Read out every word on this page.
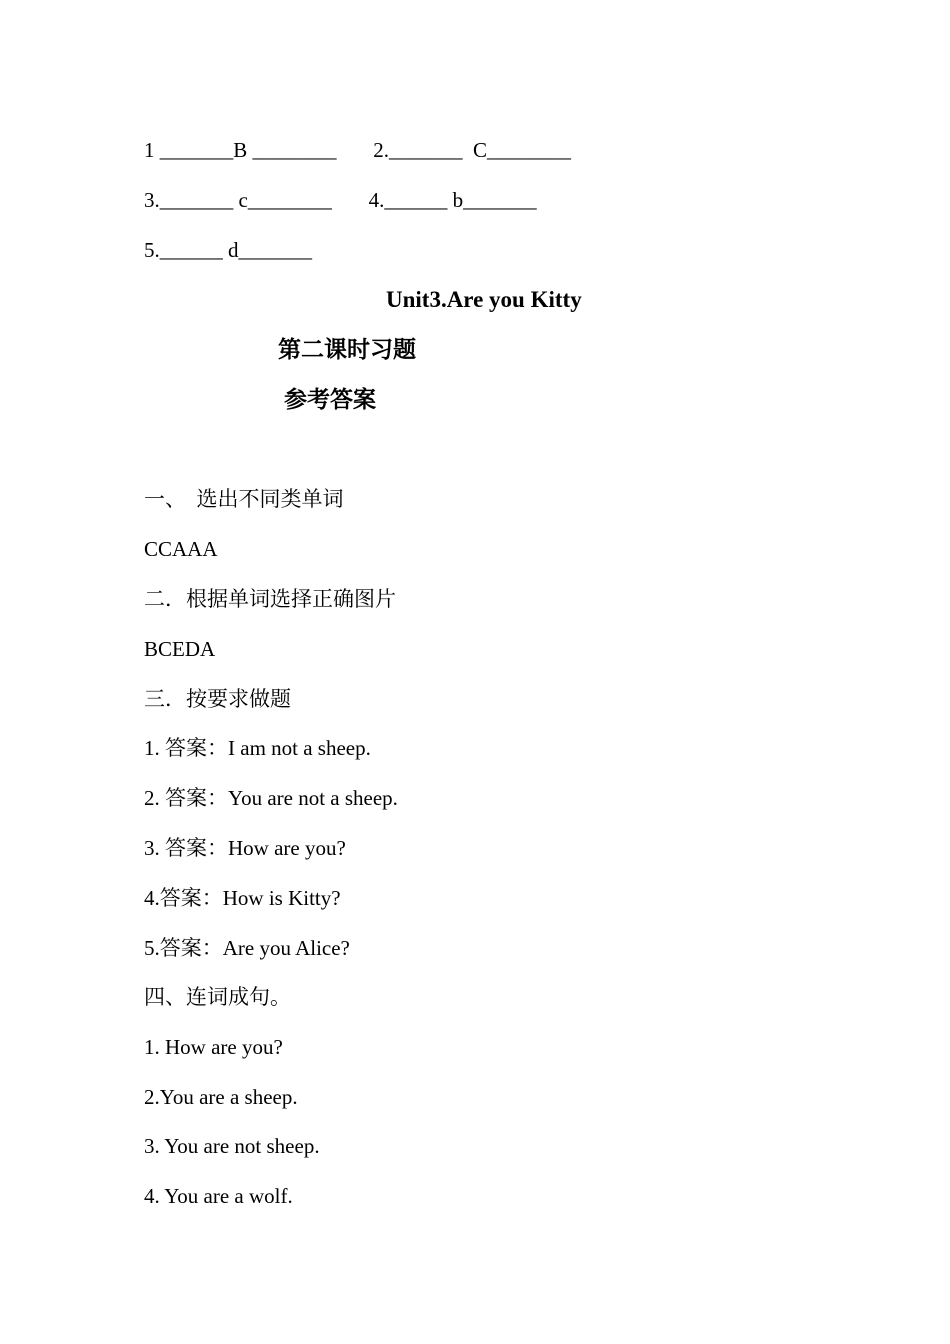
1 _______B ________       2._______  C________
3._______ c________       4.______ b_______
5.______ d_______
Unit3.Are you Kitty
第二课时习题
参考答案
一、  选出不同类单词
CCAAA
二．根据单词选择正确图片
BCEDA
三．按要求做题
1. 答案：I am not a sheep.
2. 答案：You are not a sheep.
3. 答案：How are you?
4.答案：How is Kitty?
5.答案：Are you Alice?
四、连词成句。
1. How are you?
2.You are a sheep.
3. You are not sheep.
4. You are a wolf.
